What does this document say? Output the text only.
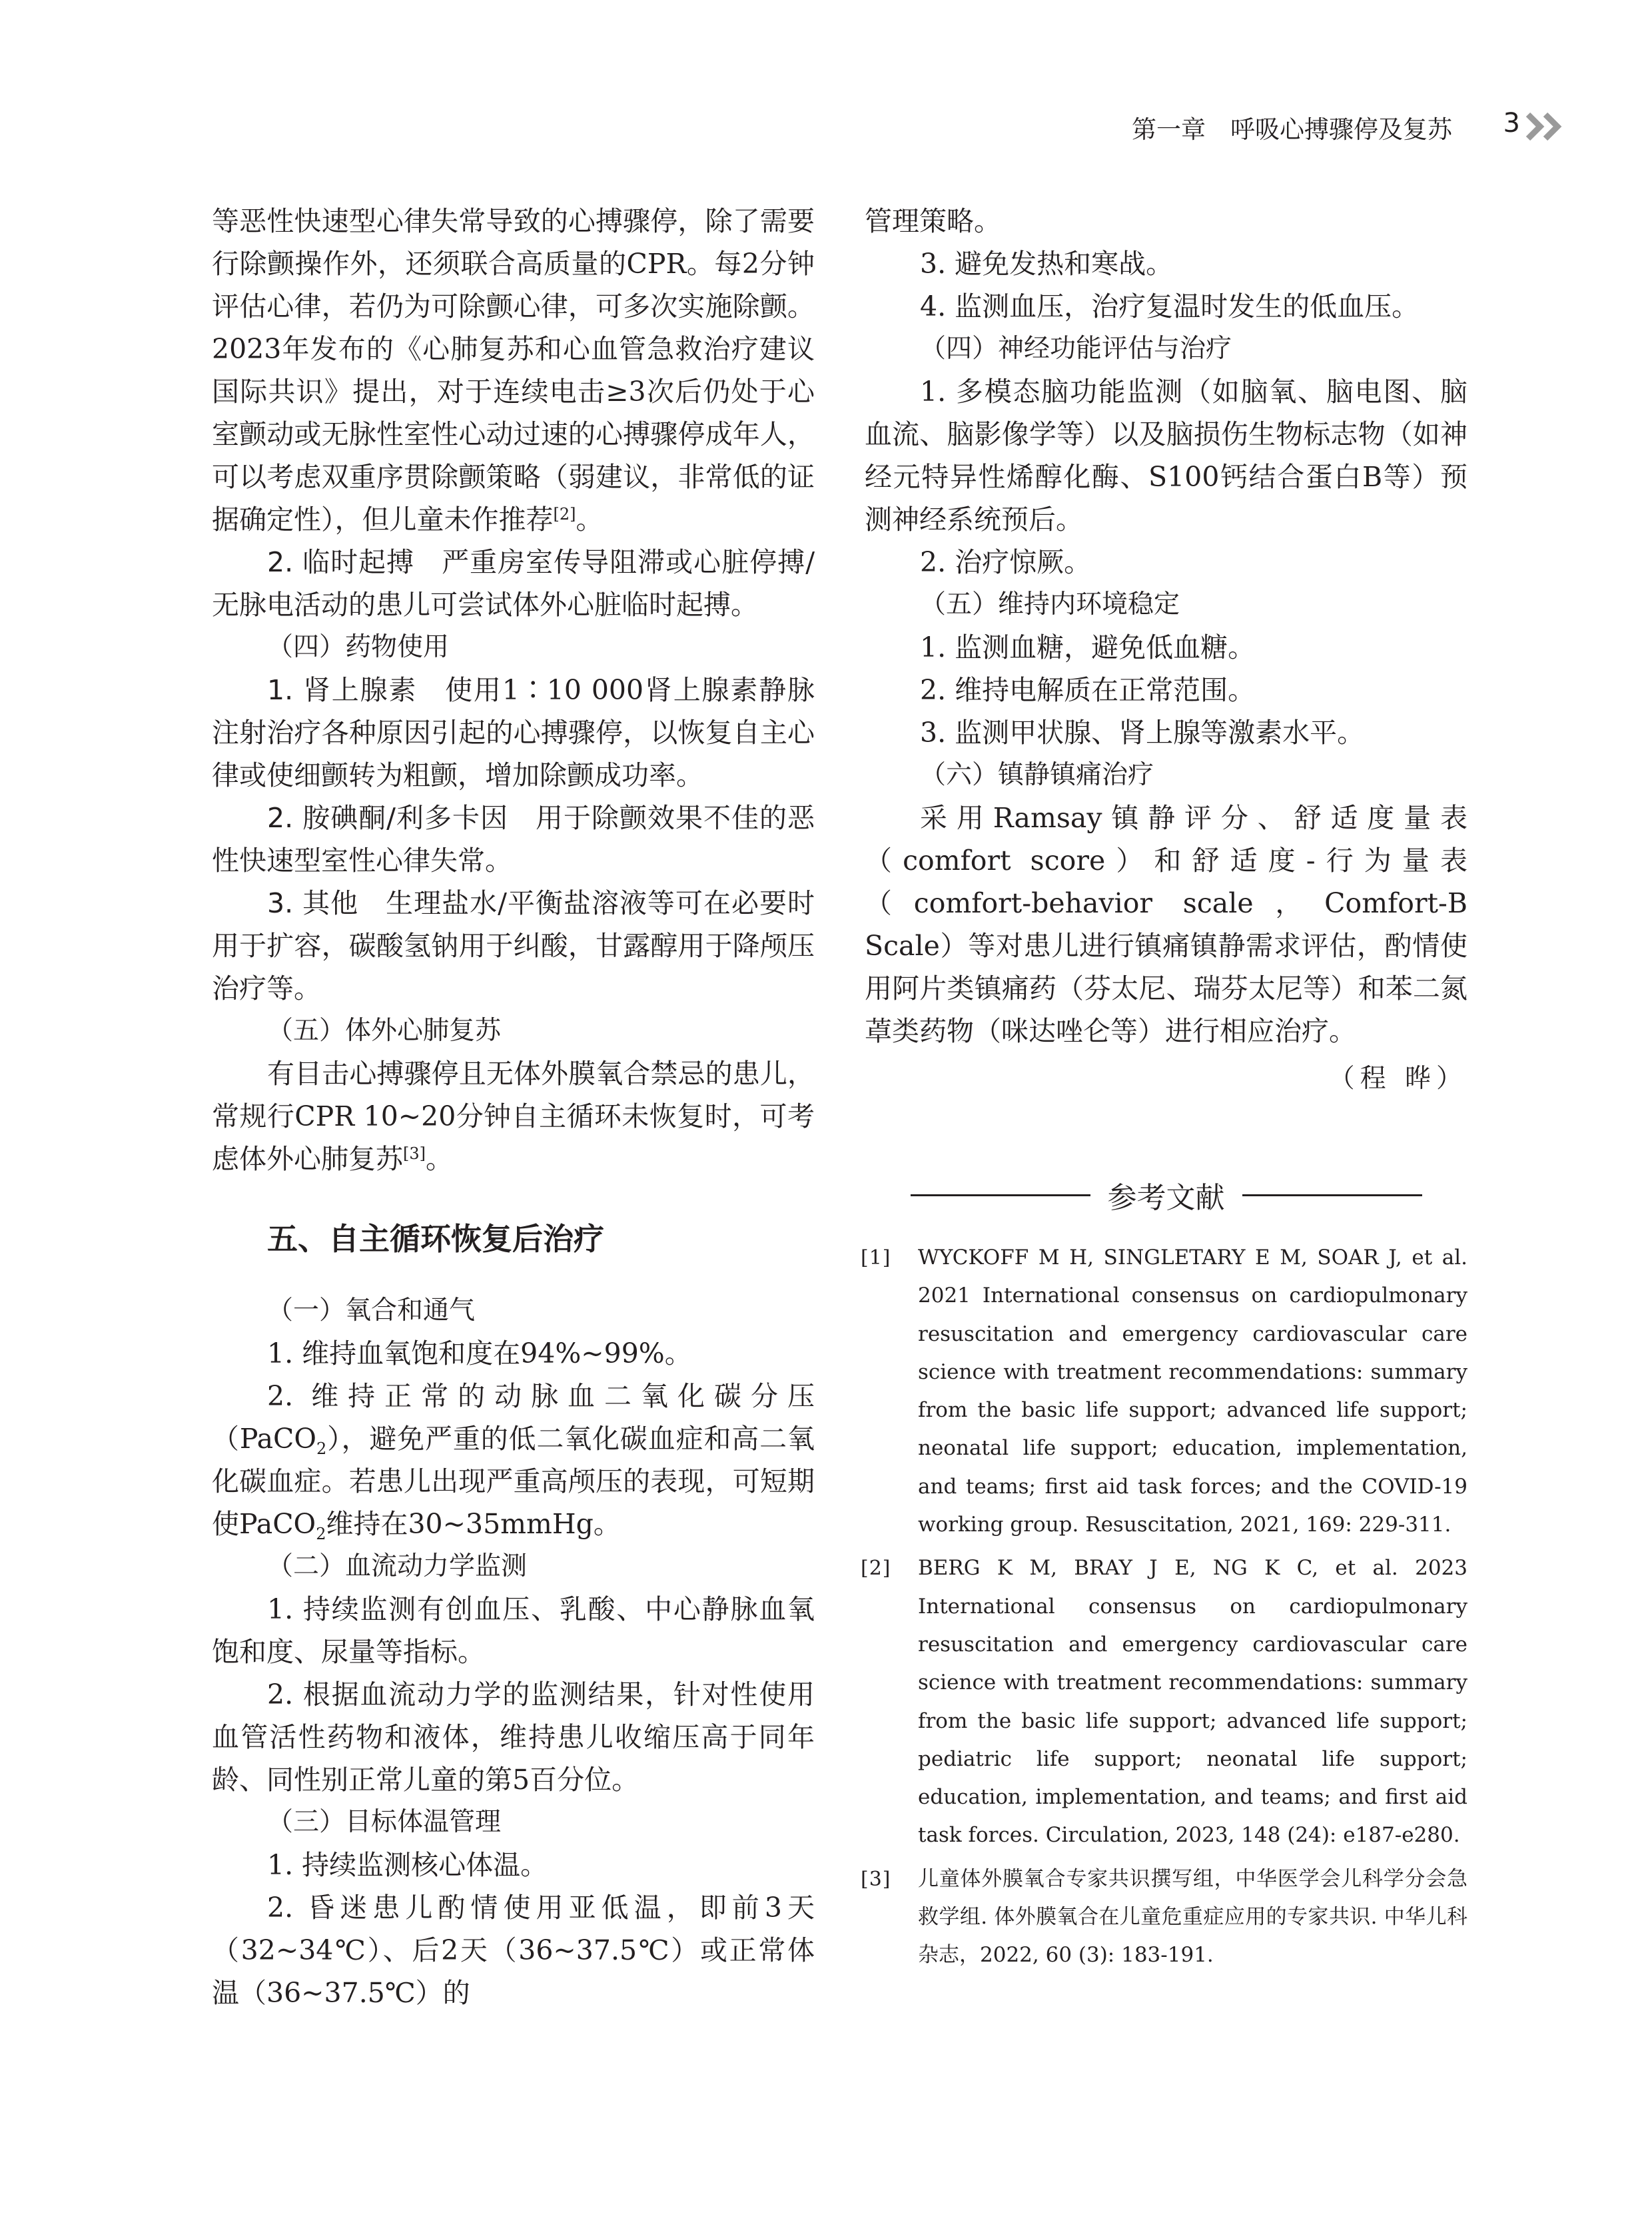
第一章　呼吸心搏骤停及复苏 3

等恶性快速型心律失常导致的心搏骤停，除了需要行除颤操作外，还须联合高质量的CPR。每2分钟评估心律，若仍为可除颤心律，可多次实施除颤。2023年发布的《心肺复苏和心血管急救治疗建议国际共识》提出，对于连续电击≥3次后仍处于心室颤动或无脉性室性心动过速的心搏骤停成年人，可以考虑双重序贯除颤策略（弱建议，非常低的证据确定性），但儿童未作推荐[2]。

2. 临时起搏 严重房室传导阻滞或心脏停搏/无脉电活动的患儿可尝试体外心脏临时起搏。

（四）药物使用

1. 肾上腺素 使用1∶10 000肾上腺素静脉注射治疗各种原因引起的心搏骤停，以恢复自主心律或使细颤转为粗颤，增加除颤成功率。

2. 胺碘酮/利多卡因 用于除颤效果不佳的恶性快速型室性心律失常。

3. 其他 生理盐水/平衡盐溶液等可在必要时用于扩容，碳酸氢钠用于纠酸，甘露醇用于降颅压治疗等。

（五）体外心肺复苏

有目击心搏骤停且无体外膜氧合禁忌的患儿，常规行CPR 10~20分钟自主循环未恢复时，可考虑体外心肺复苏[3]。

五、自主循环恢复后治疗

（一）氧合和通气

1. 维持血氧饱和度在94%~99%。

2. 维持正常的动脉血二氧化碳分压（PaCO$_2$），避免严重的低二氧化碳血症和高二氧化碳血症。若患儿出现严重高颅压的表现，可短期使PaCO$_2$维持在30~35mmHg。

（二）血流动力学监测

1. 持续监测有创血压、乳酸、中心静脉血氧饱和度、尿量等指标。

2. 根据血流动力学的监测结果，针对性使用血管活性药物和液体，维持患儿收缩压高于同年龄、同性别正常儿童的第5百分位。

（三）目标体温管理

1. 持续监测核心体温。

2. 昏迷患儿酌情使用亚低温，即前3天（32~34℃）、后2天（36~37.5℃）或正常体温（36~37.5℃）的

管理策略。

3. 避免发热和寒战。

4. 监测血压，治疗复温时发生的低血压。

（四）神经功能评估与治疗

1. 多模态脑功能监测（如脑氧、脑电图、脑血流、脑影像学等）以及脑损伤生物标志物（如神经元特异性烯醇化酶、S100钙结合蛋白B等）预测神经系统预后。

2. 治疗惊厥。

（五）维持内环境稳定

1. 监测血糖，避免低血糖。

2. 维持电解质在正常范围。

3. 监测甲状腺、肾上腺等激素水平。

（六）镇静镇痛治疗

采用Ramsay镇静评分、舒适度量表（comfort score）和舒适度-行为量表（comfort-behavior scale，Comfort-B Scale）等对患儿进行镇痛镇静需求评估，酌情使用阿片类镇痛药（芬太尼、瑞芬太尼等）和苯二氮䓬类药物（咪达唑仑等）进行相应治疗。

（程 晔）

参考文献

[1] WYCKOFF M H, SINGLETARY E M, SOAR J, et al. 2021 International consensus on cardiopulmonary resuscitation and emergency cardiovascular care science with treatment recommendations: summary from the basic life support; advanced life support; neonatal life support; education, implementation, and teams; first aid task forces; and the COVID-19 working group. Resuscitation, 2021, 169: 229-311.

[2] BERG K M, BRAY J E, NG K C, et al. 2023 International consensus on cardiopulmonary resuscitation and emergency cardiovascular care science with treatment recommendations: summary from the basic life support; advanced life support; pediatric life support; neonatal life support; education, implementation, and teams; and first aid task forces. Circulation, 2023, 148 (24): e187-e280.

[3] 儿童体外膜氧合专家共识撰写组，中华医学会儿科学分会急救学组. 体外膜氧合在儿童危重症应用的专家共识. 中华儿科杂志，2022, 60 (3): 183-191.
